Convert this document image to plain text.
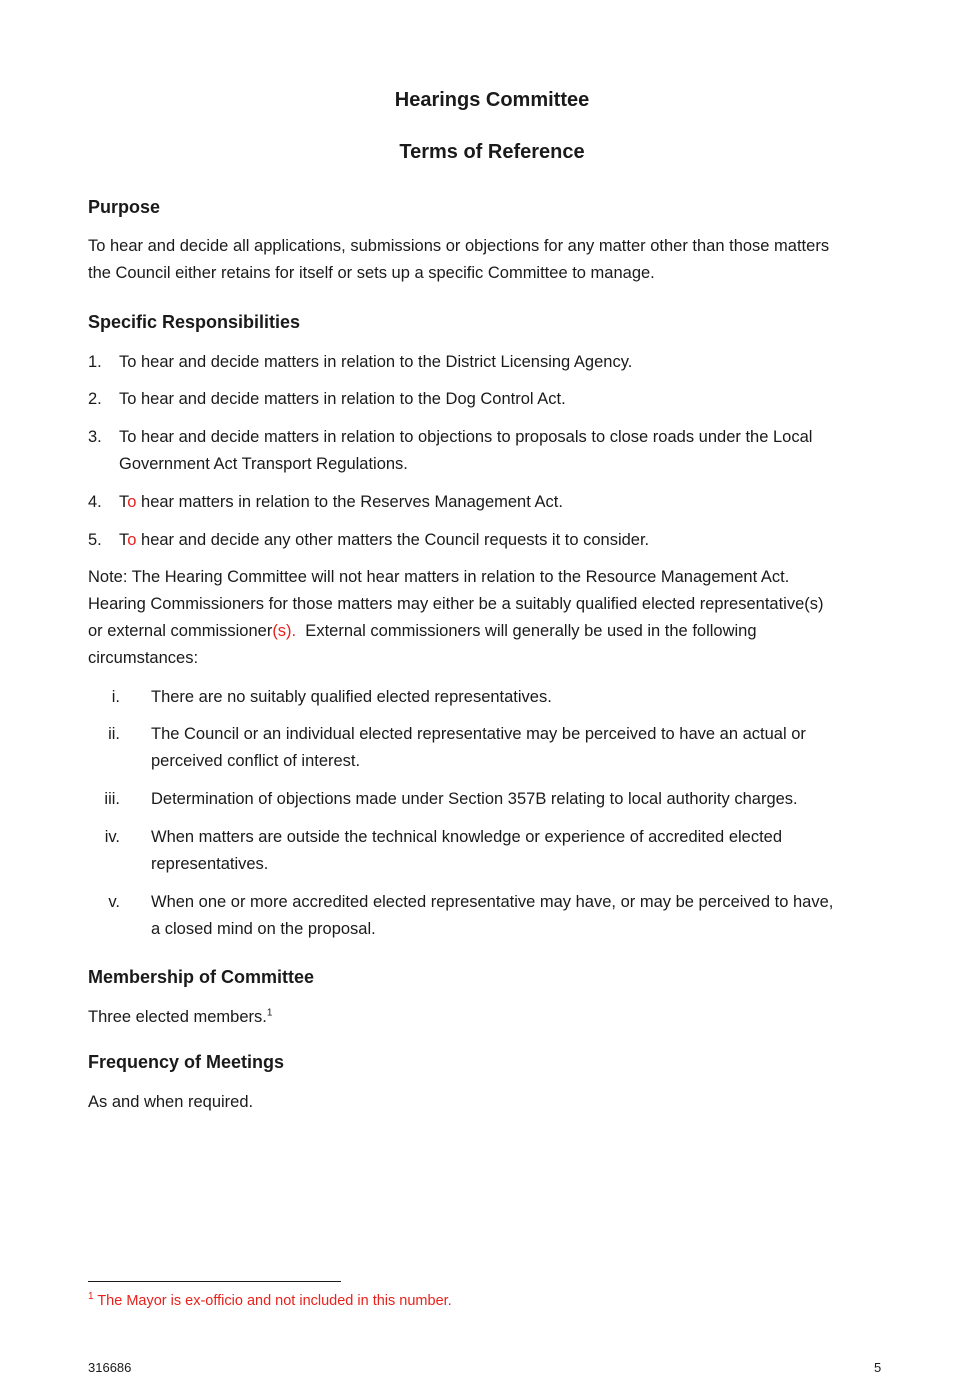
Hearings Committee
Terms of Reference
Purpose
To hear and decide all applications, submissions or objections for any matter other than those matters
the Council either retains for itself or sets up a specific Committee to manage.
Specific Responsibilities
1. To hear and decide matters in relation to the District Licensing Agency.
2. To hear and decide matters in relation to the Dog Control Act.
3. To hear and decide matters in relation to objections to proposals to close roads under the Local
Government Act Transport Regulations.
4. To hear matters in relation to the Reserves Management Act.
5. To hear and decide any other matters the Council requests it to consider.
Note: The Hearing Committee will not hear matters in relation to the Resource Management Act.
Hearing Commissioners for those matters may either be a suitably qualified elected representative(s)
or external commissioner(s).  External commissioners will generally be used in the following
circumstances:
i. There are no suitably qualified elected representatives.
ii. The Council or an individual elected representative may be perceived to have an actual or
perceived conflict of interest.
iii. Determination of objections made under Section 357B relating to local authority charges.
iv. When matters are outside the technical knowledge or experience of accredited elected
representatives.
v. When one or more accredited elected representative may have, or may be perceived to have,
a closed mind on the proposal.
Membership of Committee
Three elected members.$^1$
Frequency of Meetings
As and when required.
$^1$ The Mayor is ex-officio and not included in this number.
316686	5
